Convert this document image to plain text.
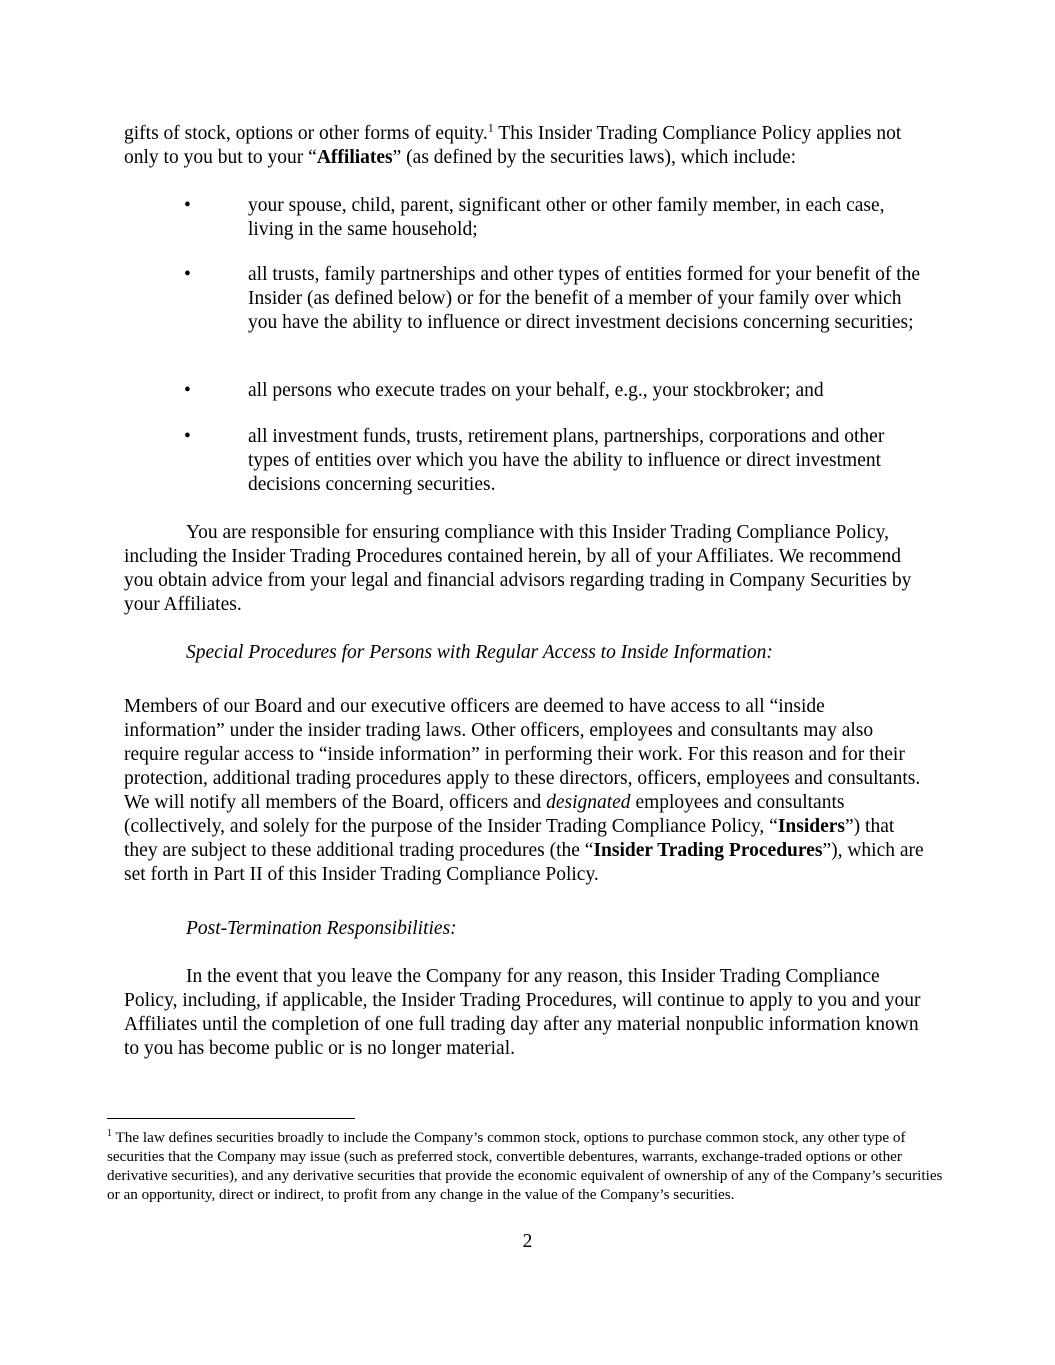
gifts of stock, options or other forms of equity.$^1$ This Insider Trading Compliance Policy applies not only to you but to your “Affiliates” (as defined by the securities laws), which include:
•	your spouse, child, parent, significant other or other family member, in each case, living in the same household;
•	all trusts, family partnerships and other types of entities formed for your benefit of the Insider (as defined below) or for the benefit of a member of your family over which you have the ability to influence or direct investment decisions concerning securities;
•	all persons who execute trades on your behalf, e.g., your stockbroker; and
•	all investment funds, trusts, retirement plans, partnerships, corporations and other types of entities over which you have the ability to influence or direct investment decisions concerning securities.

You are responsible for ensuring compliance with this Insider Trading Compliance Policy, including the Insider Trading Procedures contained herein, by all of your Affiliates. We recommend you obtain advice from your legal and financial advisors regarding trading in Company Securities by your Affiliates.

Special Procedures for Persons with Regular Access to Inside Information:
Members of our Board and our executive officers are deemed to have access to all “inside information” under the insider trading laws. Other officers, employees and consultants may also require regular access to “inside information” in performing their work. For this reason and for their protection, additional trading procedures apply to these directors, officers, employees and consultants. We will notify all members of the Board, officers and designated employees and consultants (collectively, and solely for the purpose of the Insider Trading Compliance Policy, “Insiders”) that they are subject to these additional trading procedures (the “Insider Trading Procedures”), which are set forth in Part II of this Insider Trading Compliance Policy.
Post-Termination Responsibilities:

In the event that you leave the Company for any reason, this Insider Trading Compliance Policy, including, if applicable, the Insider Trading Procedures, will continue to apply to you and your Affiliates until the completion of one full trading day after any material nonpublic information known to you has become public or is no longer material.

$^1$ The law defines securities broadly to include the Company’s common stock, options to purchase common stock, any other type of securities that the Company may issue (such as preferred stock, convertible debentures, warrants, exchange-traded options or other derivative securities), and any derivative securities that provide the economic equivalent of ownership of any of the Company’s securities or an opportunity, direct or indirect, to profit from any change in the value of the Company’s securities.
2
